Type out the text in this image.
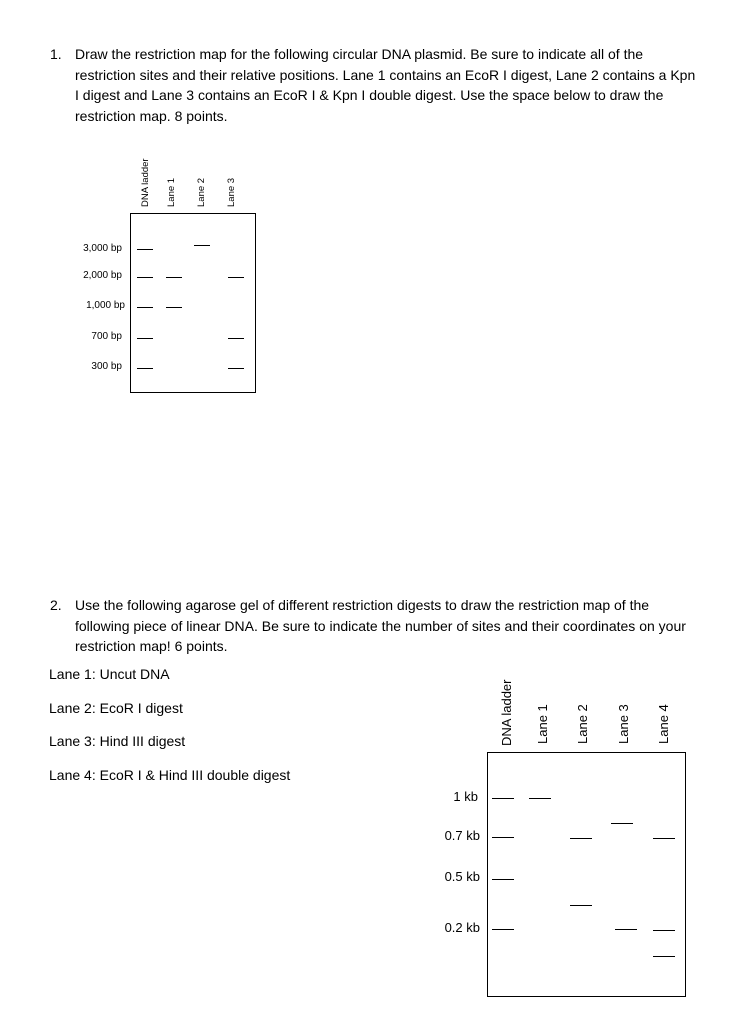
1. Draw the restriction map for the following circular DNA plasmid. Be sure to indicate all of the restriction sites and their relative positions. Lane 1 contains an EcoR I digest, Lane 2 contains a Kpn I digest and Lane 3 contains an EcoR I & Kpn I double digest. Use the space below to draw the restriction map. 8 points.
DNA ladder Lane 1 Lane 2 Lane 3
3,000 bp
2,000 bp
1,000 bp
700 bp
300 bp
2. Use the following agarose gel of different restriction digests to draw the restriction map of the following piece of linear DNA. Be sure to indicate the number of sites and their coordinates on your restriction map! 6 points.
Lane 1: Uncut DNA
Lane 2: EcoR I digest
Lane 3: Hind III digest
Lane 4: EcoR I & Hind III double digest
DNA ladder Lane 1 Lane 2 Lane 3 Lane 4
1 kb
0.7 kb
0.5 kb
0.2 kb
